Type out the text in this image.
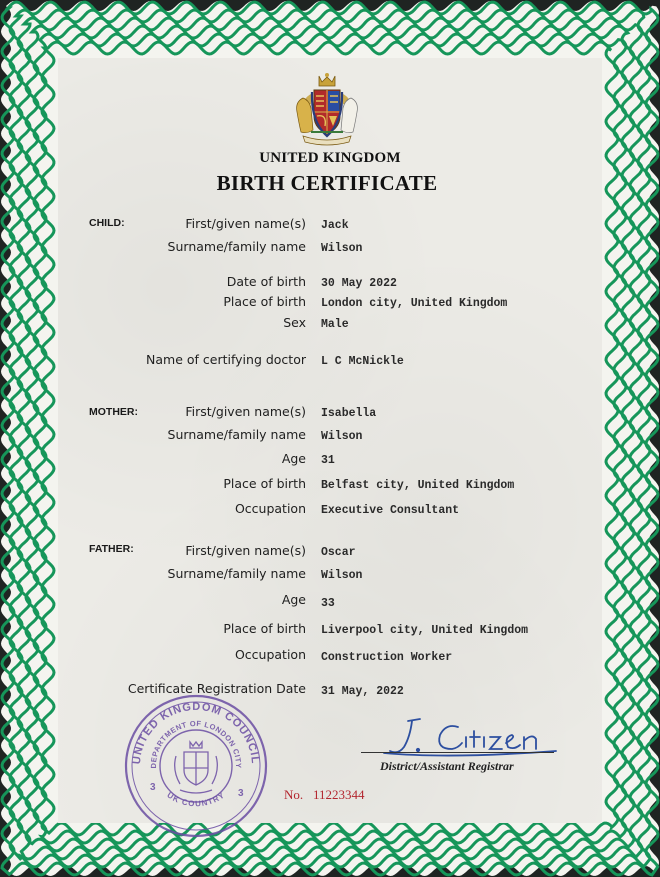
UNITED KINGDOM
BIRTH CERTIFICATE
CHILD:	First/given name(s) Jack
Surname/family name Wilson
Date of birth 30 May 2022
Place of birth London city, United Kingdom
Sex Male
Name of certifying doctor L C McNickle
MOTHER:	First/given name(s) Isabella
Surname/family name Wilson
Age 31
Place of birth Belfast city, United Kingdom
Occupation Executive Consultant
FATHER:	First/given name(s) Oscar
Surname/family name Wilson
Age 33
Place of birth Liverpool city, United Kingdom
Occupation Construction Worker
Certificate Registration Date 31 May, 2022
UNITED KINGDOM COUNCIL
DEPARTMENT OF LONDON CITY
UK COUNTRY
3
3
District/Assistant Registrar
No. 11223344
